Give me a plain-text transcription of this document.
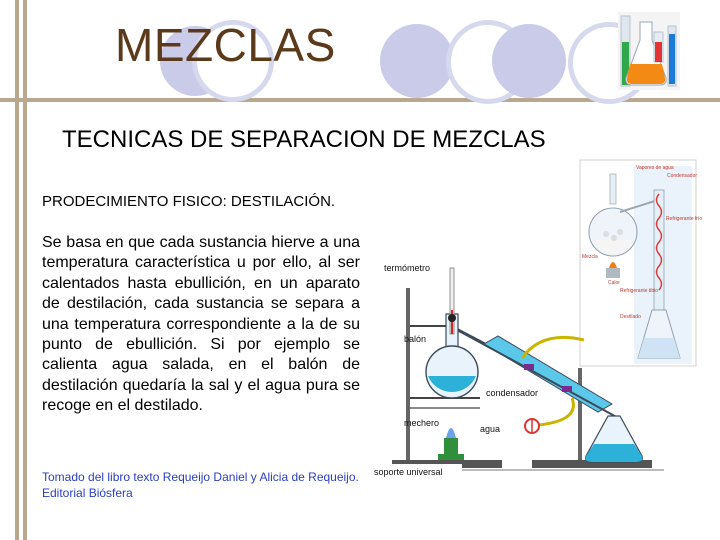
MEZCLAS
TECNICAS DE SEPARACION DE MEZCLAS
PRODECIMIENTO FISICO: DESTILACIÓN.
Se basa en que cada sustancia hierve a una temperatura característica u por ello, al ser calentados hasta ebullición, en un aparato de destilación, cada sustancia se separa a una temperatura correspondiente a la de su punto de ebullición. Si por ejemplo se calienta agua salada, en el balón de destilación quedaría la sal y el agua pura se recoge en el destilado.
Tomado del libro texto Requeijo Daniel y Alicia de Requeijo. Editorial Biósfera
Vapores de agua
Condensador
Refrigerante frío
Mezcla
Calor
Refrigerante tibio
Destilado
termómetro
balón
condensador
mechero
agua
soporte universal
